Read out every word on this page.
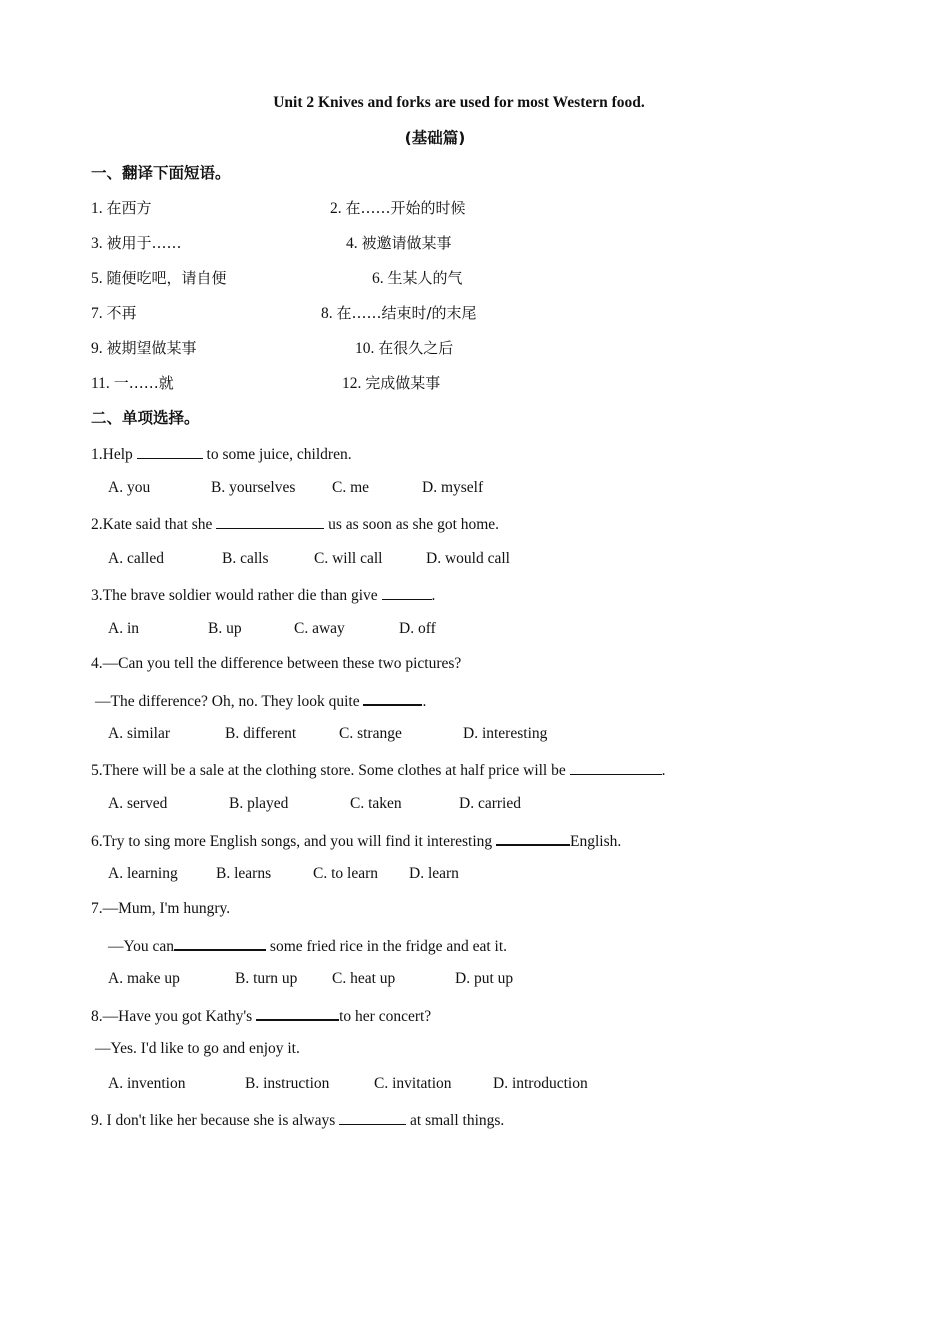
Unit 2 Knives and forks are used for most Western food.
(基础篇)
一、翻译下面短语。
1. 在西方	2. 在……开始的时候
3. 被用于……	4. 被邀请做某事
5. 随便吃吧，请自便	6. 生某人的气
7. 不再	8. 在……结束时/的末尾
9. 被期望做某事	10. 在很久之后
11. 一……就	12. 完成做某事
二、单项选择。
1.Help	to some juice, children.
A. you	B. yourselves C. me	D. myself
2.Kate said that she	us as soon as she got home.
A. called	B. calls	C. will call	D. would call
3.The brave soldier would rather die than give	.
A. in	B. up	C. away	D. off
4.—Can you tell the difference between these two pictures?
—The difference? Oh, no. They look quite	.
A. similar	B. different	C. strange	D. interesting
5.There will be a sale at the clothing store. Some clothes at half price will be	.
A. served	B. played	C. taken	D. carried
6.Try to sing more English songs, and you will find it interesting	English.
A. learning B. learns	C. to learn D. learn
7.—Mum, I'm hungry.
—You can	some fried rice in the fridge and eat it.
A. make up	B. turn up C. heat up	D. put up
8.—Have you got Kathy's	to her concert?
—Yes. I'd like to go and enjoy it.
A. invention	B. instruction	C. invitation	D. introduction
9. I don't like her because she is always	at small things.
